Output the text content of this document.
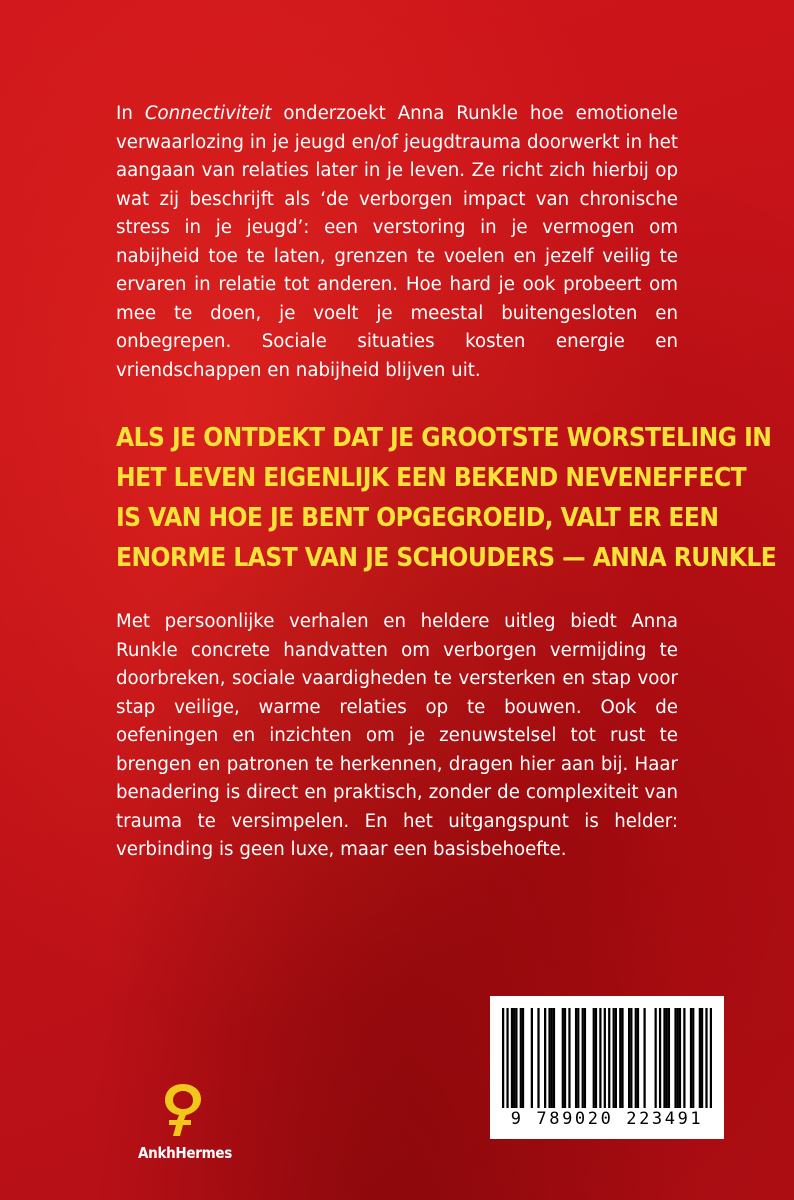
In Connectiviteit onderzoekt Anna Runkle hoe emotionele verwaarlozing in je jeugd en/of jeugdtrauma doorwerkt in het aangaan van relaties later in je leven. Ze richt zich hierbij op wat zij beschrijft als ‘de verborgen impact van chronische stress in je jeugd’: een verstoring in je vermogen om nabijheid toe te laten, grenzen te voelen en jezelf veilig te ervaren in relatie tot anderen. Hoe hard je ook probeert om mee te doen, je voelt je meestal buitengesloten en onbegrepen. Sociale situaties kosten energie en vriendschappen en nabijheid blijven uit.

ALS JE ONTDEKT DAT JE GROOTSTE WORSTELING IN
HET LEVEN EIGENLIJK EEN BEKEND NEVENEFFECT
IS VAN HOE JE BENT OPGEGROEID, VALT ER EEN
ENORME LAST VAN JE SCHOUDERS — ANNA RUNKLE

Met persoonlijke verhalen en heldere uitleg biedt Anna Runkle concrete handvatten om verborgen vermijding te doorbreken, sociale vaardigheden te versterken en stap voor stap veilige, warme relaties op te bouwen. Ook de oefeningen en inzichten om je zenuwstelsel tot rust te brengen en patronen te herkennen, dragen hier aan bij. Haar benadering is direct en praktisch, zonder de complexiteit van trauma te versimpelen. En het uitgangspunt is helder: verbinding is geen luxe, maar een basisbehoefte.

AnkhHermes
9 789020 223491
